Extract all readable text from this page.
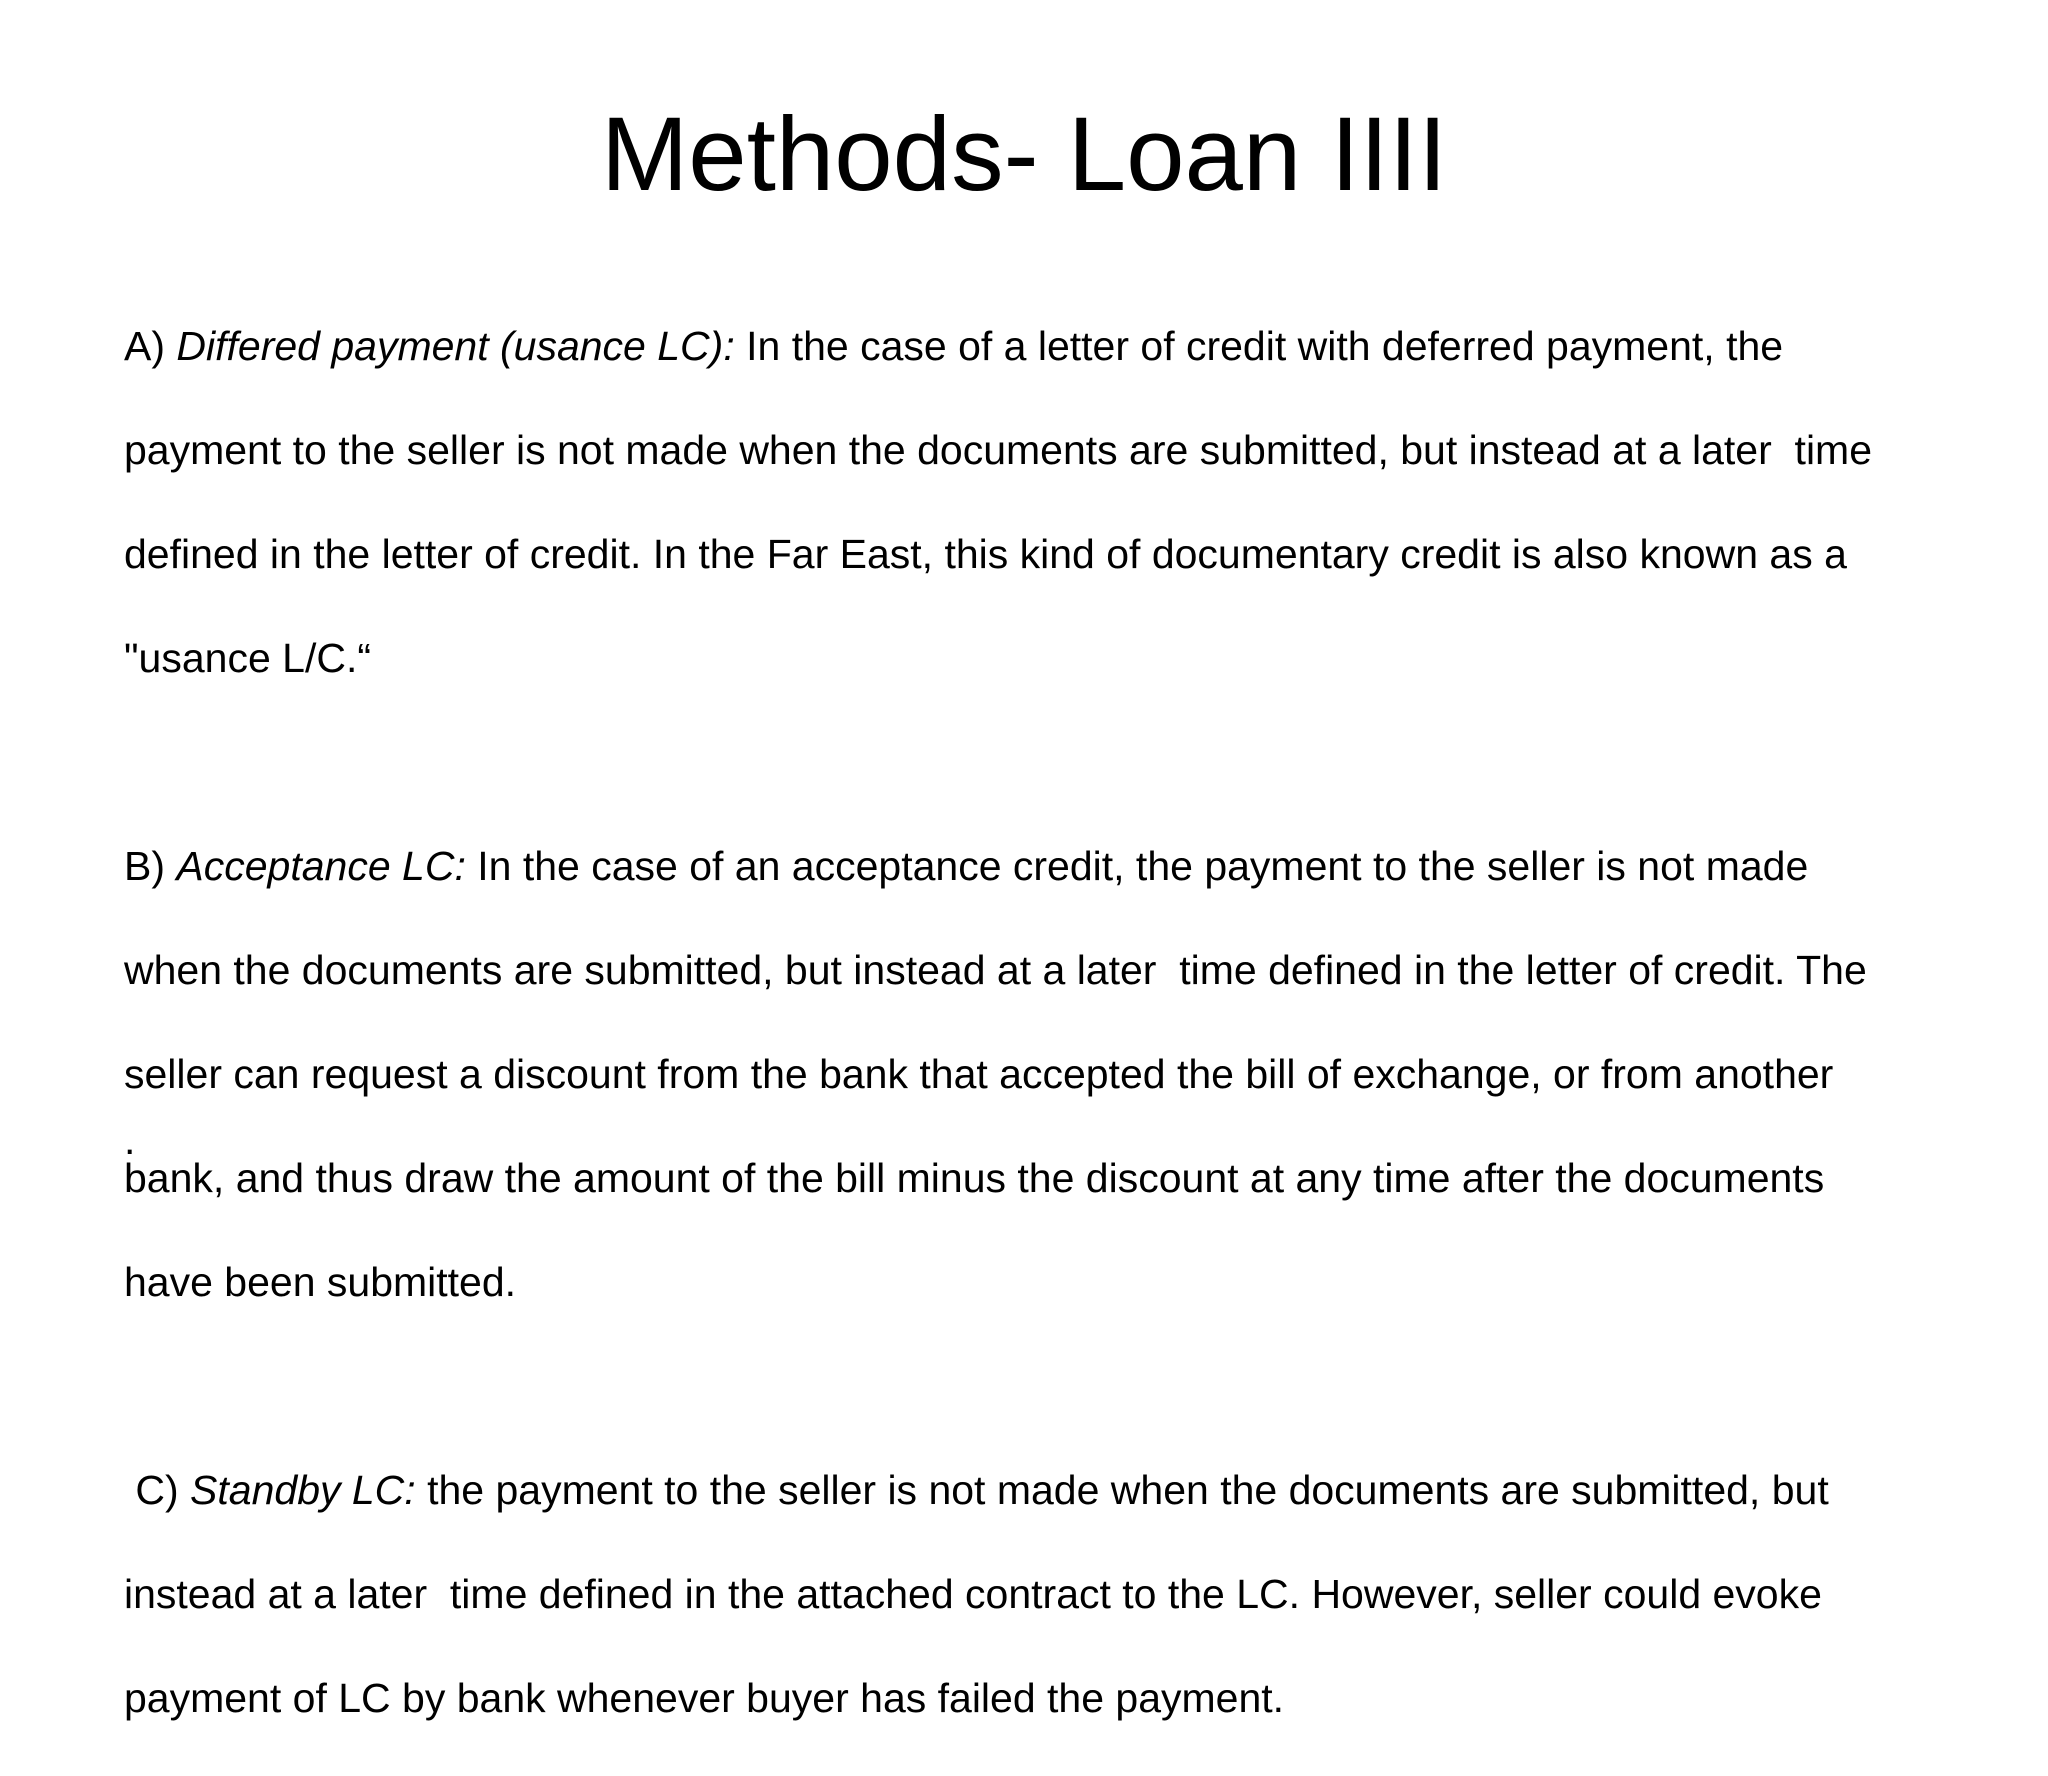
Methods- Loan IIII

A) Differed payment (usance LC): In the case of a letter of credit with deferred payment, the

payment to the seller is not made when the documents are submitted, but instead at a later  time

defined in the letter of credit. In the Far East, this kind of documentary credit is also known as a

"usance L/C.“

B) Acceptance LC: In the case of an acceptance credit, the payment to the seller is not made

when the documents are submitted, but instead at a later  time defined in the letter of credit. The

seller can request a discount from the bank that accepted the bill of exchange, or from another

bank, and thus draw the amount of the bill minus the discount at any time after the documents

have been submitted.

C) Standby LC: the payment to the seller is not made when the documents are submitted, but

instead at a later  time defined in the attached contract to the LC. However, seller could evoke

payment of LC by bank whenever buyer has failed the payment.

.
